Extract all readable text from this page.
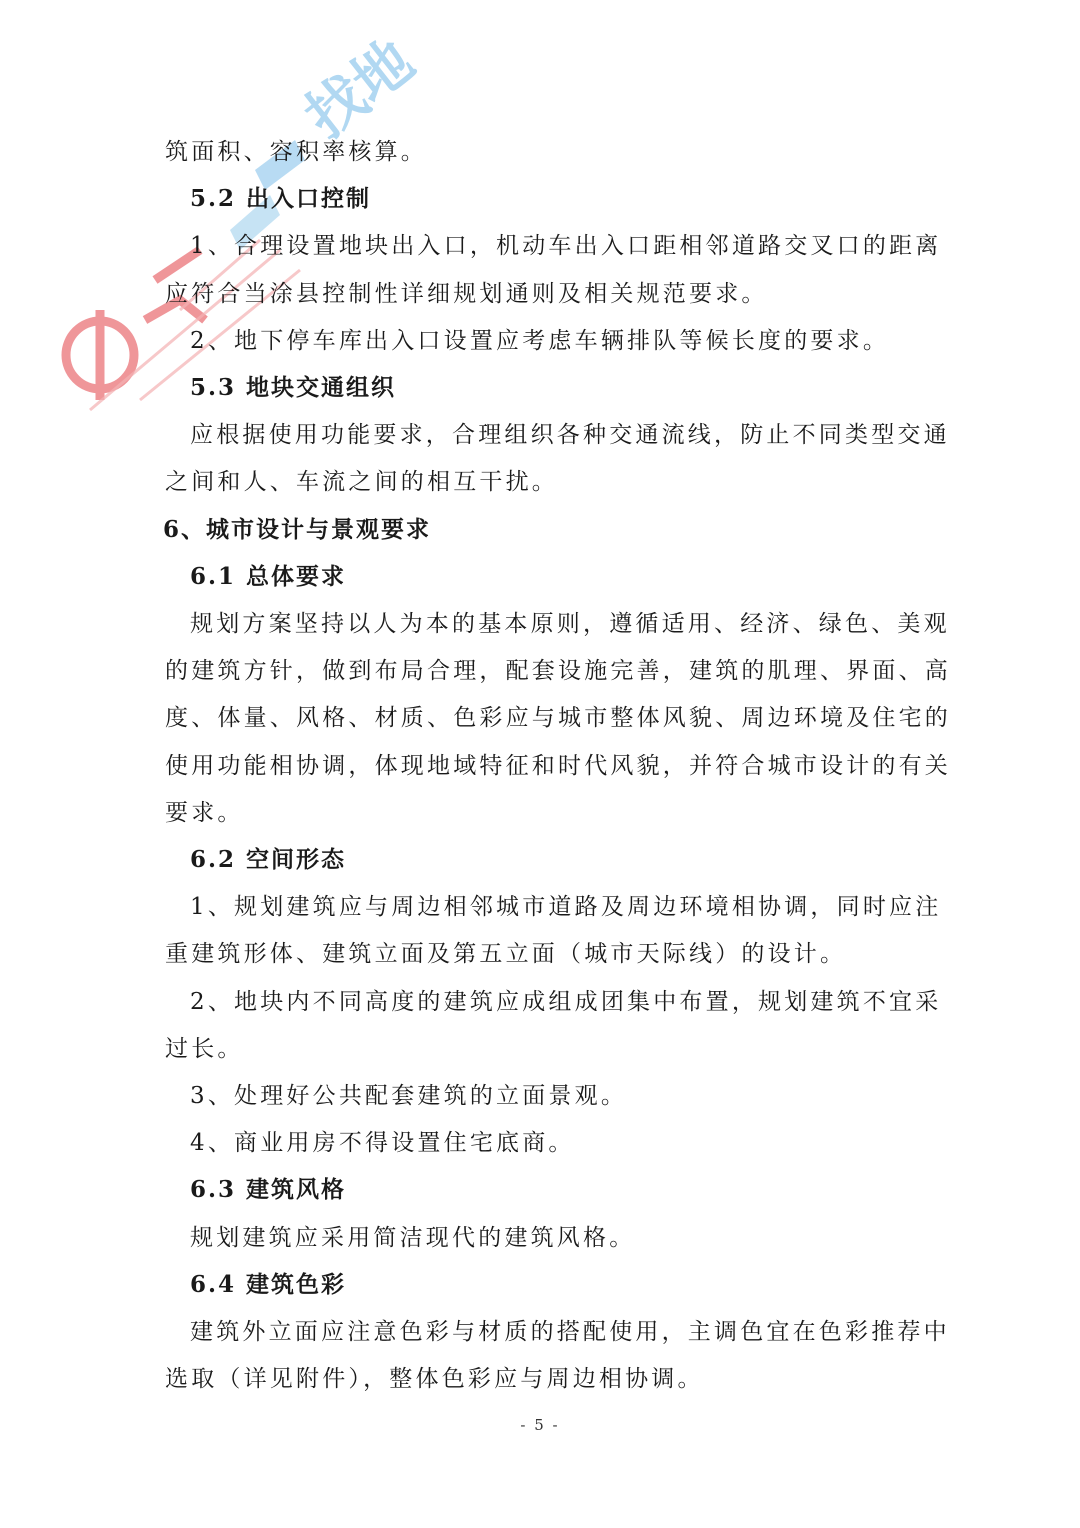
找地
筑面积、容积率核算。
5.2 出入口控制
1、合理设置地块出入口，机动车出入口距相邻道路交叉口的距离
应符合当涂县控制性详细规划通则及相关规范要求。
2、地下停车库出入口设置应考虑车辆排队等候长度的要求。
5.3 地块交通组织
应根据使用功能要求，合理组织各种交通流线，防止不同类型交通
之间和人、车流之间的相互干扰。
6、城市设计与景观要求
6.1 总体要求
规划方案坚持以人为本的基本原则，遵循适用、经济、绿色、美观
的建筑方针，做到布局合理，配套设施完善，建筑的肌理、界面、高
度、体量、风格、材质、色彩应与城市整体风貌、周边环境及住宅的
使用功能相协调，体现地域特征和时代风貌，并符合城市设计的有关
要求。
6.2 空间形态
1、规划建筑应与周边相邻城市道路及周边环境相协调，同时应注
重建筑形体、建筑立面及第五立面（城市天际线）的设计。
2、地块内不同高度的建筑应成组成团集中布置，规划建筑不宜采
过长。
3、处理好公共配套建筑的立面景观。
4、商业用房不得设置住宅底商。
6.3 建筑风格
规划建筑应采用简洁现代的建筑风格。
6.4 建筑色彩
建筑外立面应注意色彩与材质的搭配使用，主调色宜在色彩推荐中
选取（详见附件），整体色彩应与周边相协调。
- 5 -
